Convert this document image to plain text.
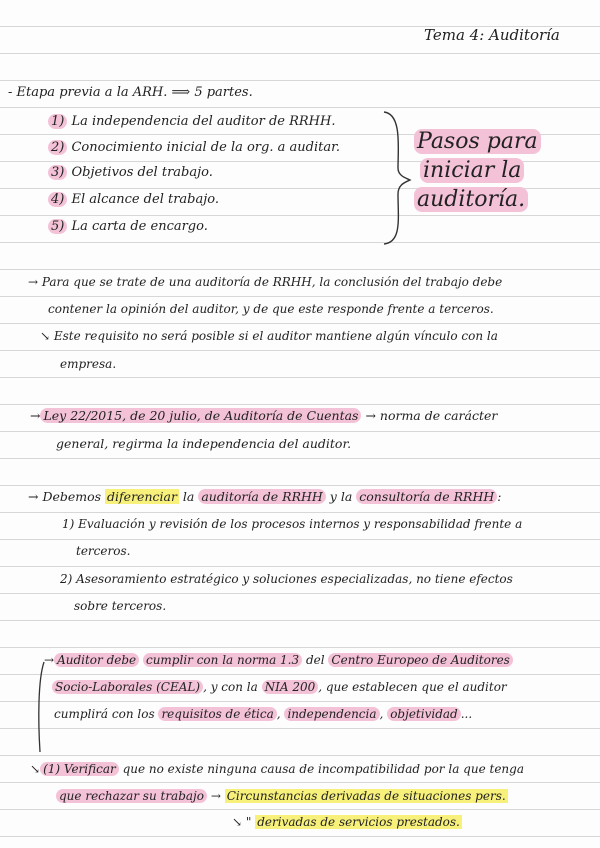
Tema 4: Auditoría
- Etapa previa a la ARH. ⟹ 5 partes.
1) La independencia del auditor de RRHH.
2) Conocimiento inicial de la org. a auditar.
3) Objetivos del trabajo.
4) El alcance del trabajo.
5) La carta de encargo.
Pasos para
iniciar la
auditoría.
→ Para que se trate de una auditoría de RRHH, la conclusión del trabajo debe
contener la opinión del auditor, y de que este responde frente a terceros.
↘ Este requisito no será posible si el auditor mantiene algún vínculo con la
empresa.
→ Ley 22/2015, de 20 julio, de Auditoría de Cuentas → norma de carácter
general, regirma la independencia del auditor.
→ Debemos diferenciar la auditoría de RRHH y la consultoría de RRHH :
1) Evaluación y revisión de los procesos internos y responsabilidad frente a
terceros.
2) Asesoramiento estratégico y soluciones especializadas, no tiene efectos
sobre terceros.
→ Auditor debe cumplir con la norma 1.3 del Centro Europeo de Auditores
Socio-Laborales (CEAL) , y con la NIA 200 , que establecen que el auditor
cumplirá con los requisitos de ética , independencia , objetividad ...
↘ (1) Verificar que no existe ninguna causa de incompatibilidad por la que tenga
que rechazar su trabajo → Circunstancias derivadas de situaciones pers.
↘ " derivadas de servicios prestados.
